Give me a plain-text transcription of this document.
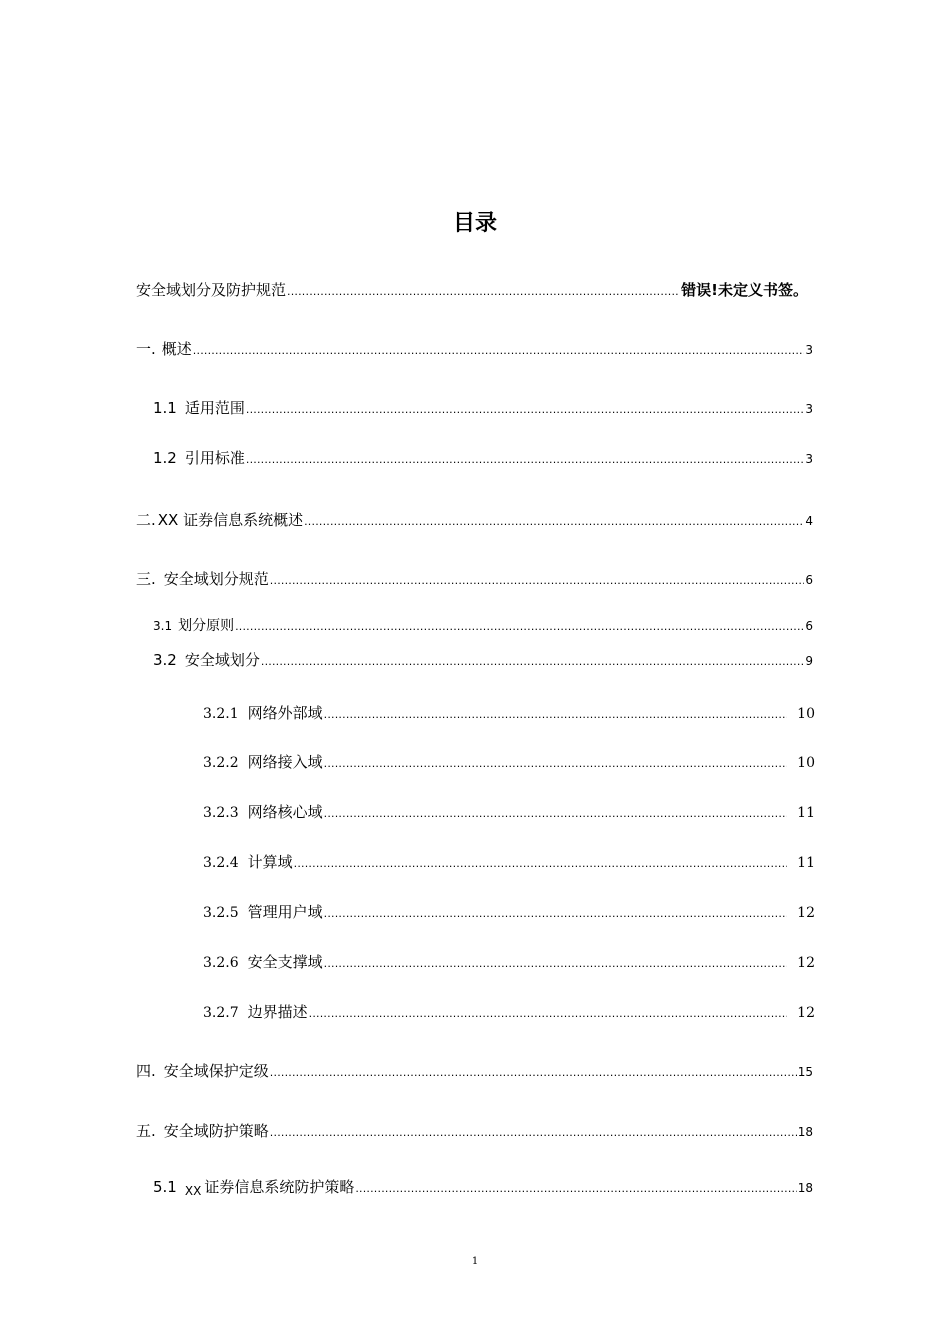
目录
安全域划分及防护规范 .....	错误!未定义书签。
一. 概述 .....	3
1.1 适用范围 .....	3
1.2 引用标准 .....	3
二. XX 证券信息系统概述 .....	4
三. 安全域划分规范 .....	6
3.1 划分原则 .....	6
3.2 安全域划分 .....	9
3.2.1 网络外部域 .....	10
3.2.2 网络接入域 .....	10
3.2.3 网络核心域 .....	11
3.2.4 计算域 .....	11
3.2.5 管理用户域 .....	12
3.2.6 安全支撑域 .....	12
3.2.7 边界描述 .....	12
四. 安全域保护定级 .....	15
五. 安全域防护策略 .....	18
5.1 XX 证券信息系统防护策略 .....	18
1
